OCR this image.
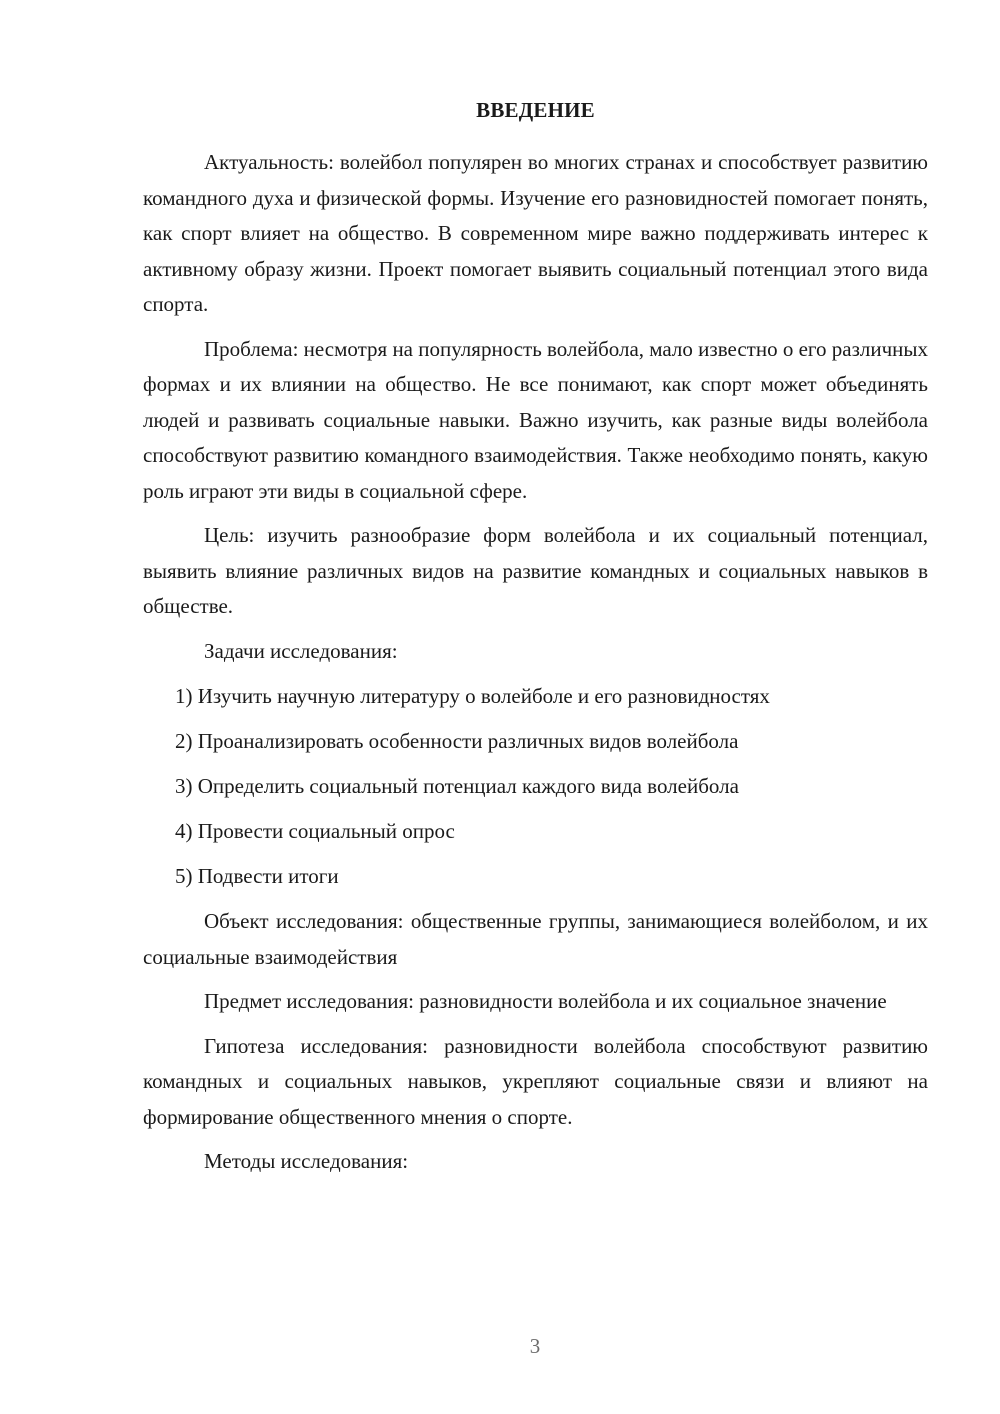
ВВЕДЕНИЕ

Актуальность: волейбол популярен во многих странах и способствует развитию командного духа и физической формы. Изучение его разновидностей помогает понять, как спорт влияет на общество. В современном мире важно поддерживать интерес к активному образу жизни. Проект помогает выявить социальный потенциал этого вида спорта.

Проблема: несмотря на популярность волейбола, мало известно о его различных формах и их влиянии на общество. Не все понимают, как спорт может объединять людей и развивать социальные навыки. Важно изучить, как разные виды волейбола способствуют развитию командного взаимодействия. Также необходимо понять, какую роль играют эти виды в социальной сфере.

Цель: изучить разнообразие форм волейбола и их социальный потенциал, выявить влияние различных видов на развитие командных и социальных навыков в обществе.

Задачи исследования:

1) Изучить научную литературу о волейболе и его разновидностях
2) Проанализировать особенности различных видов волейбола
3) Определить социальный потенциал каждого вида волейбола
4) Провести социальный опрос
5) Подвести итоги

Объект исследования: общественные группы, занимающиеся волейболом, и их социальные взаимодействия

Предмет исследования: разновидности волейбола и их социальное значение

Гипотеза исследования: разновидности волейбола способствуют развитию командных и социальных навыков, укрепляют социальные связи и влияют на формирование общественного мнения о спорте.

Методы исследования:

3
